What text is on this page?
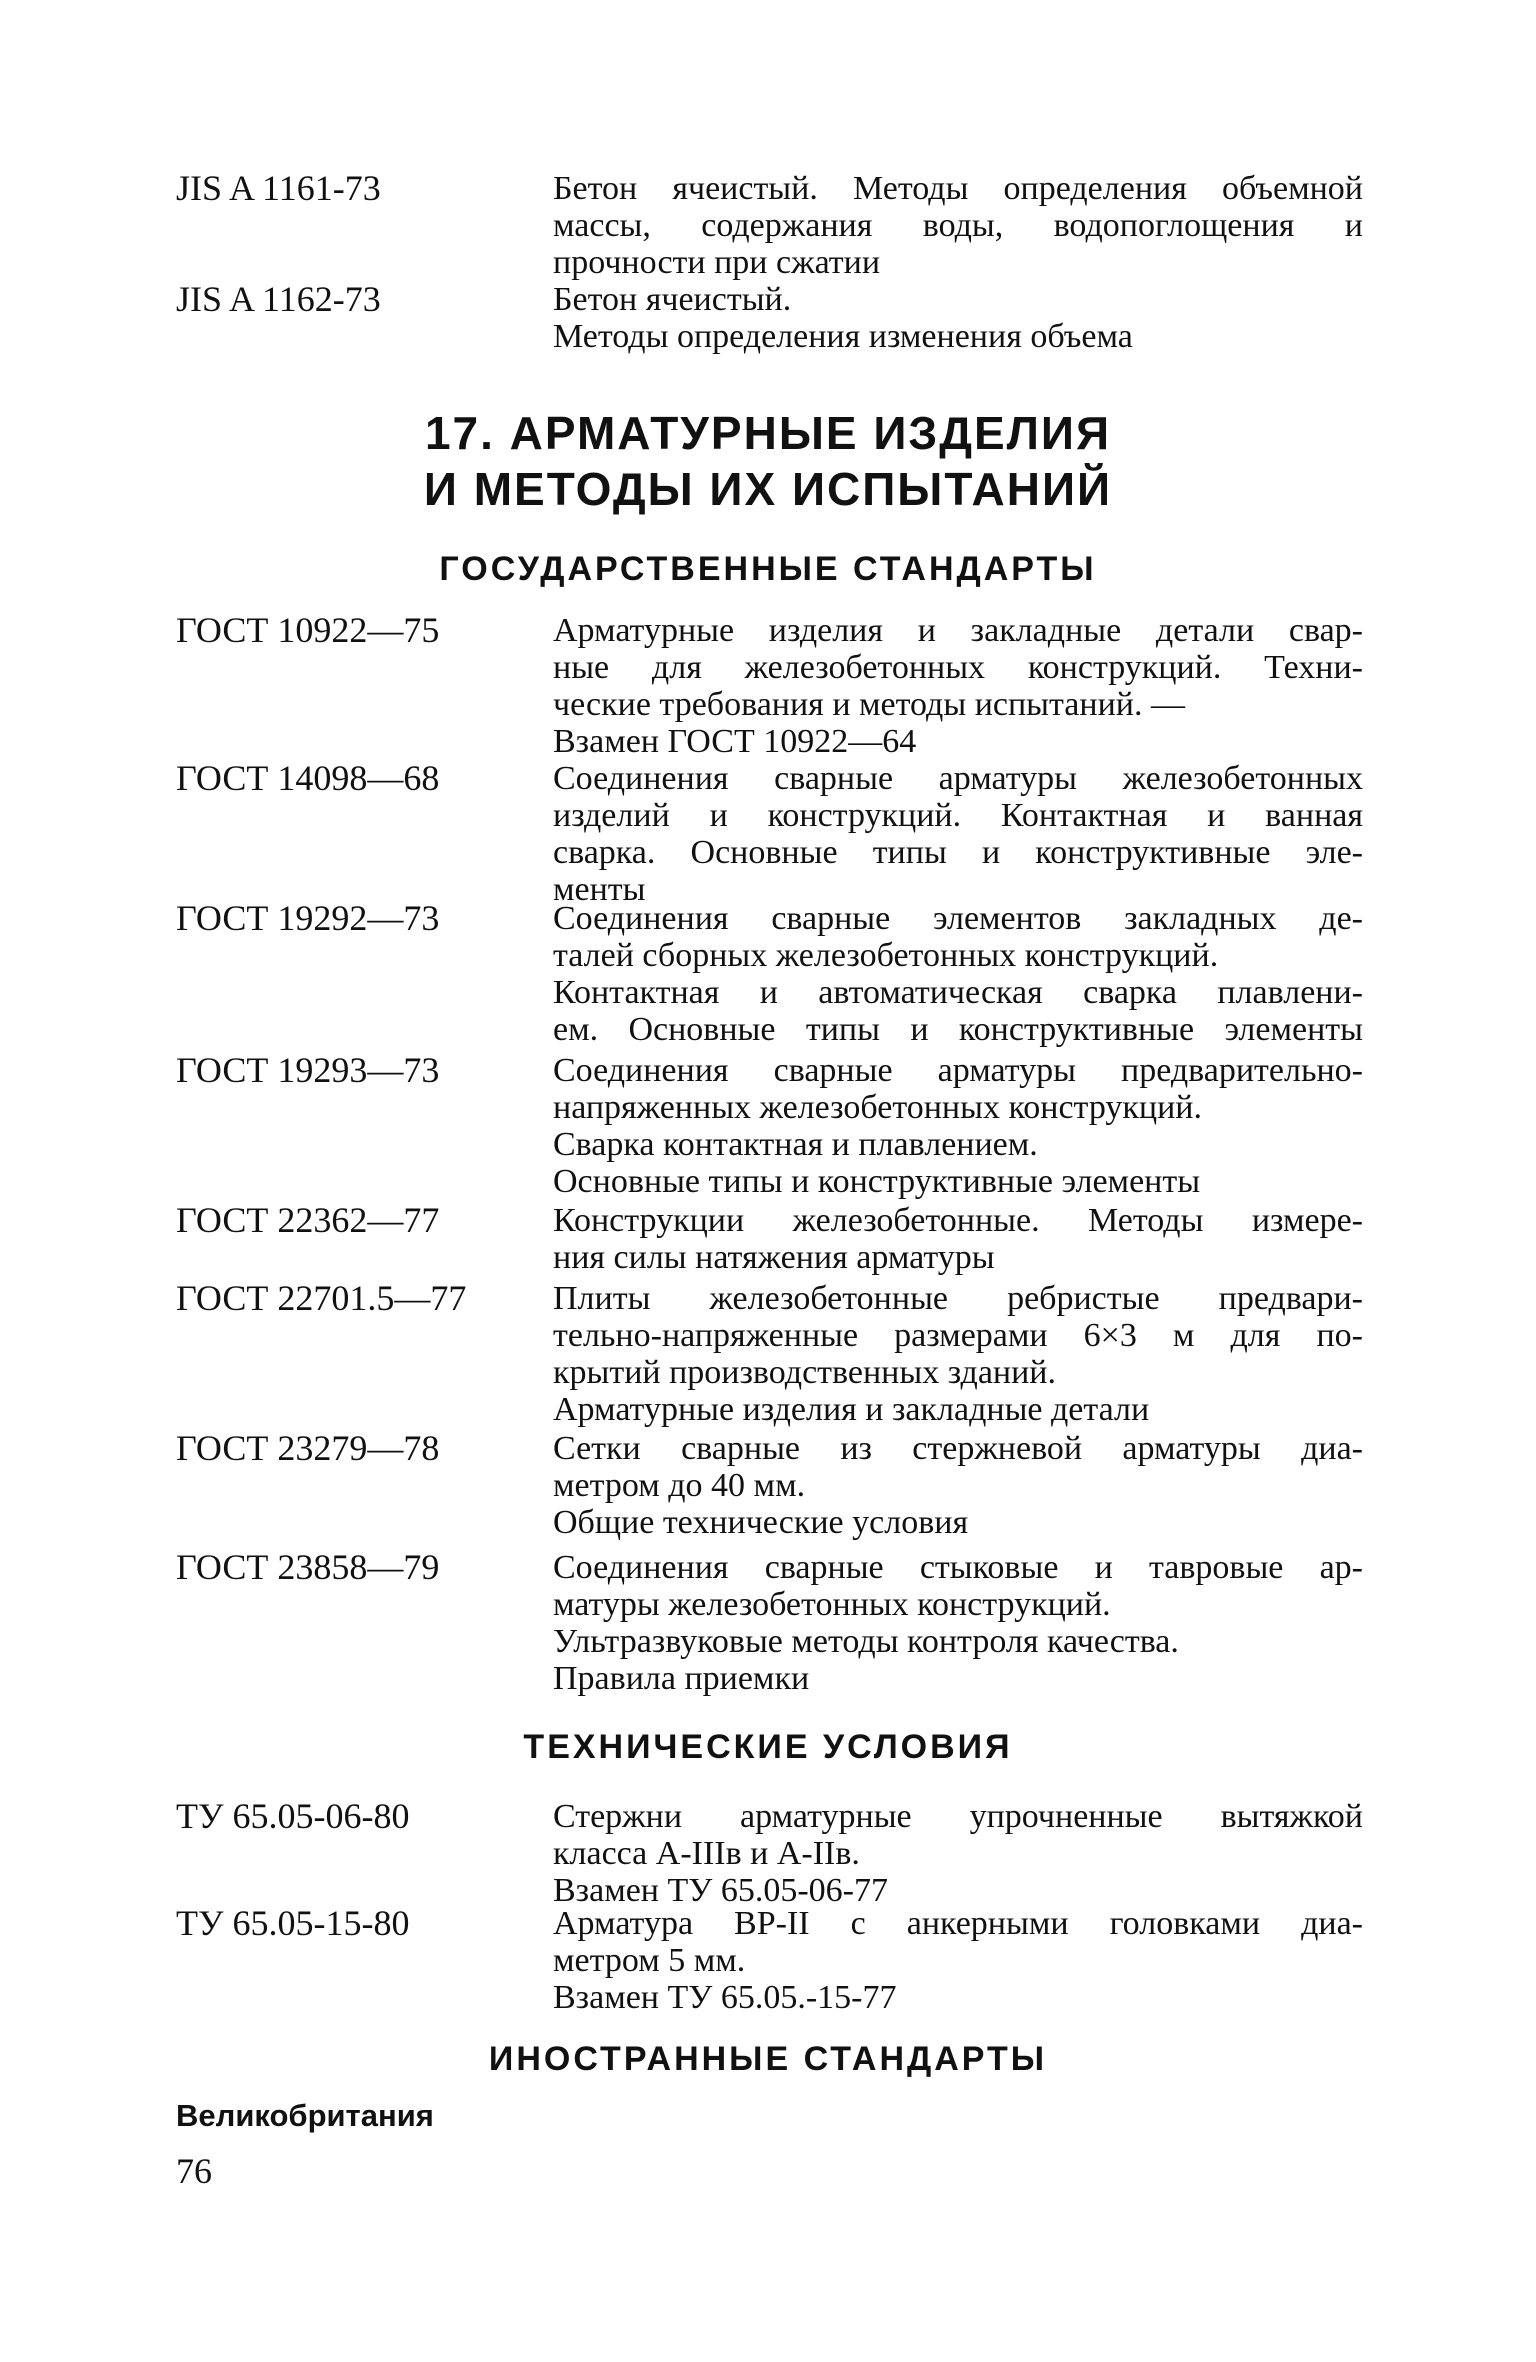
JIS A 1161-73	Бетон ячеистый. Методы определения объемной
массы, содержания воды, водопоглощения и
прочности при сжатии
JIS A 1162-73	Бетон ячеистый.
Методы определения изменения объема
17. АРМАТУРНЫЕ ИЗДЕЛИЯ
И МЕТОДЫ ИХ ИСПЫТАНИЙ
ГОСУДАРСТВЕННЫЕ СТАНДАРТЫ
ГОСТ 10922—75	Арматурные изделия и закладные детали свар-
ные для железобетонных конструкций. Техни-
ческие требования и методы испытаний. —
Взамен ГОСТ 10922—64
ГОСТ 14098—68	Соединения сварные арматуры железобетонных
изделий и конструкций. Контактная и ванная
сварка. Основные типы и конструктивные эле-
менты
ГОСТ 19292—73	Соединения сварные элементов закладных де-
талей сборных железобетонных конструкций.
Контактная и автоматическая сварка плавлени-
ем. Основные типы и конструктивные элементы
ГОСТ 19293—73	Соединения сварные арматуры предварительно-
напряженных железобетонных конструкций.
Сварка контактная и плавлением.
Основные типы и конструктивные элементы
ГОСТ 22362—77	Конструкции железобетонные. Методы измере-
ния силы натяжения арматуры
ГОСТ 22701.5—77	Плиты железобетонные ребристые предвари-
тельно-напряженные размерами 6×3 м для по-
крытий производственных зданий.
Арматурные изделия и закладные детали
ГОСТ 23279—78	Сетки сварные из стержневой арматуры диа-
метром до 40 мм.
Общие технические условия
ГОСТ 23858—79	Соединения сварные стыковые и тавровые ар-
матуры железобетонных конструкций.
Ультразвуковые методы контроля качества.
Правила приемки
ТЕХНИЧЕСКИЕ УСЛОВИЯ
ТУ 65.05-06-80	Стержни арматурные упрочненные вытяжкой
класса А-IIIв и А-IIв.
Взамен ТУ 65.05-06-77
ТУ 65.05-15-80	Арматура ВР-II с анкерными головками диа-
метром 5 мм.
Взамен ТУ 65.05.-15-77
ИНОСТРАННЫЕ СТАНДАРТЫ
Великобритания
76
